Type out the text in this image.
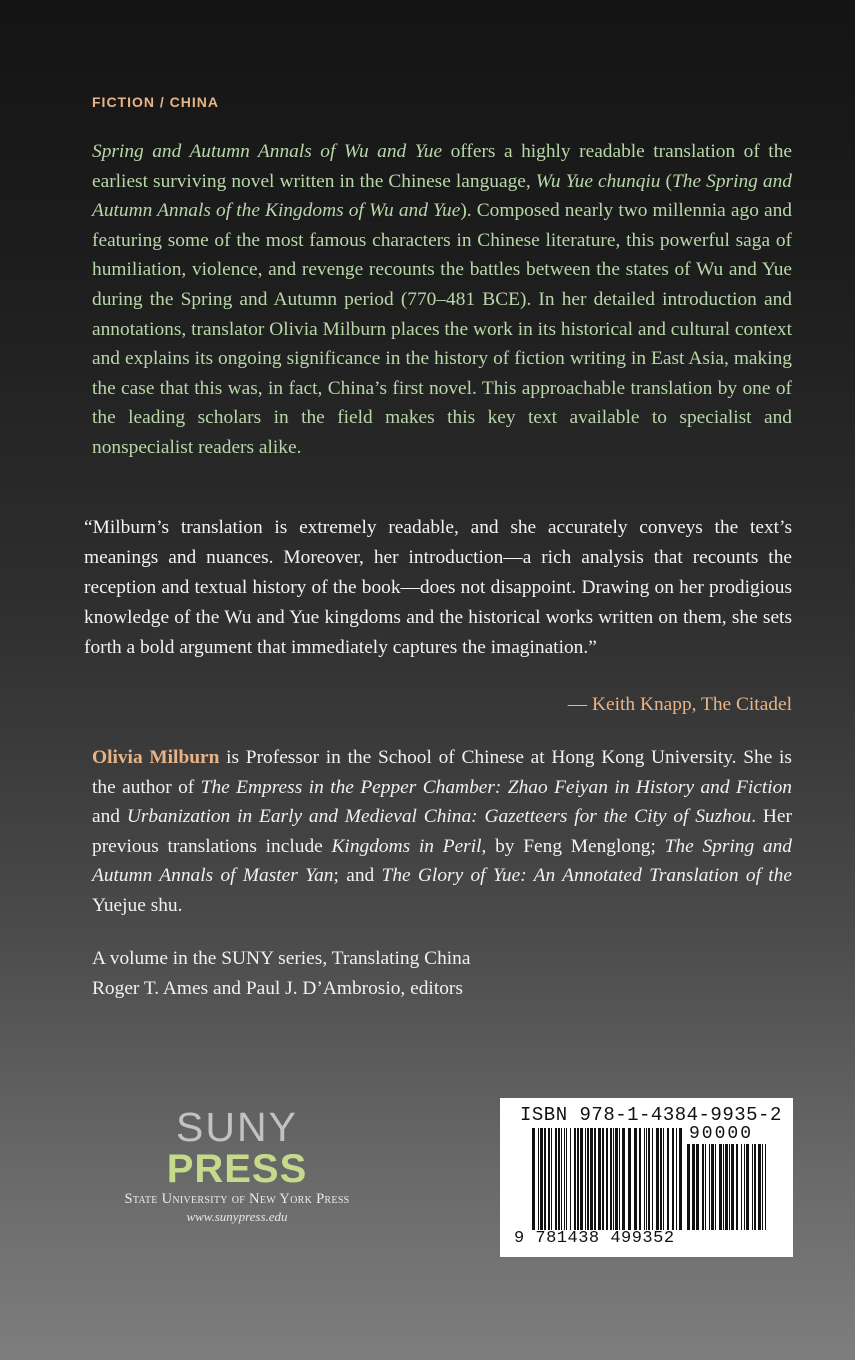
FICTION / CHINA

Spring and Autumn Annals of Wu and Yue offers a highly readable translation of the earliest surviving novel written in the Chinese language, Wu Yue chunqiu (The Spring and Autumn Annals of the Kingdoms of Wu and Yue). Composed nearly two millennia ago and featuring some of the most famous characters in Chinese literature, this powerful saga of humiliation, violence, and revenge recounts the battles between the states of Wu and Yue during the Spring and Autumn period (770–481 BCE). In her detailed introduction and annotations, translator Olivia Milburn places the work in its historical and cultural context and explains its ongoing significance in the history of fiction writing in East Asia, making the case that this was, in fact, China’s first novel. This approachable translation by one of the leading scholars in the field makes this key text available to specialist and nonspecialist readers alike.

“Milburn’s translation is extremely readable, and she accurately conveys the text’s meanings and nuances. Moreover, her introduction—a rich analysis that recounts the reception and textual history of the book—does not disappoint. Drawing on her prodigious knowledge of the Wu and Yue kingdoms and the historical works written on them, she sets forth a bold argument that immediately captures the imagination.”

— Keith Knapp, The Citadel

Olivia Milburn is Professor in the School of Chinese at Hong Kong University. She is the author of The Empress in the Pepper Chamber: Zhao Feiyan in History and Fiction and Urbanization in Early and Medieval China: Gazetteers for the City of Suzhou. Her previous translations include Kingdoms in Peril, by Feng Menglong; The Spring and Autumn Annals of Master Yan; and The Glory of Yue: An Annotated Translation of the Yuejue shu.

A volume in the SUNY series, Translating China
Roger T. Ames and Paul J. D’Ambrosio, editors
SUNY
PRESS
State University of New York Press
www.sunypress.edu
ISBN 978-1-4384-9935-2
90000
9 781438 499352
